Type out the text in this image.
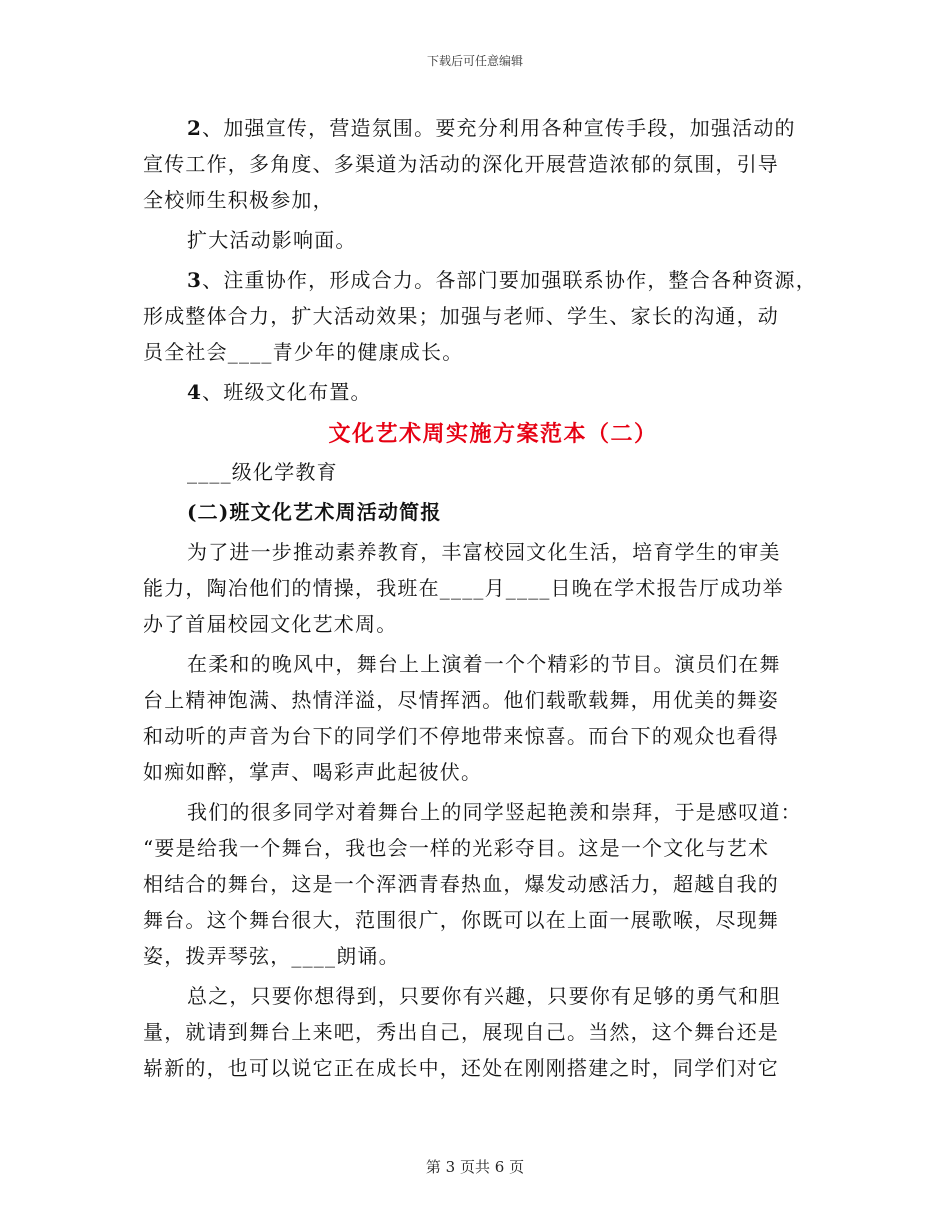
下载后可任意编辑
2、加强宣传，营造氛围。要充分利用各种宣传手段，加强活动的
宣传工作，多角度、多渠道为活动的深化开展营造浓郁的氛围，引导
全校师生积极参加，
扩大活动影响面。
3、注重协作，形成合力。各部门要加强联系协作，整合各种资源，
形成整体合力，扩大活动效果；加强与老师、学生、家长的沟通，动
员全社会____青少年的健康成长。
4、班级文化布置。
文化艺术周实施方案范本（二）
____级化学教育
(二)班文化艺术周活动简报
为了进一步推动素养教育，丰富校园文化生活，培育学生的审美
能力，陶冶他们的情操，我班在____月____日晚在学术报告厅成功举
办了首届校园文化艺术周。
在柔和的晚风中，舞台上上演着一个个精彩的节目。演员们在舞
台上精神饱满、热情洋溢，尽情挥洒。他们载歌载舞，用优美的舞姿
和动听的声音为台下的同学们不停地带来惊喜。而台下的观众也看得
如痴如醉，掌声、喝彩声此起彼伏。
我们的很多同学对着舞台上的同学竖起艳羡和崇拜，于是感叹道：
“要是给我一个舞台，我也会一样的光彩夺目。这是一个文化与艺术
相结合的舞台，这是一个浑洒青春热血，爆发动感活力，超越自我的
舞台。这个舞台很大，范围很广，你既可以在上面一展歌喉，尽现舞
姿，拨弄琴弦，____朗诵。
总之，只要你想得到，只要你有兴趣，只要你有足够的勇气和胆
量，就请到舞台上来吧，秀出自己，展现自己。当然，这个舞台还是
崭新的，也可以说它正在成长中，还处在刚刚搭建之时，同学们对它
第 3 页共 6 页
